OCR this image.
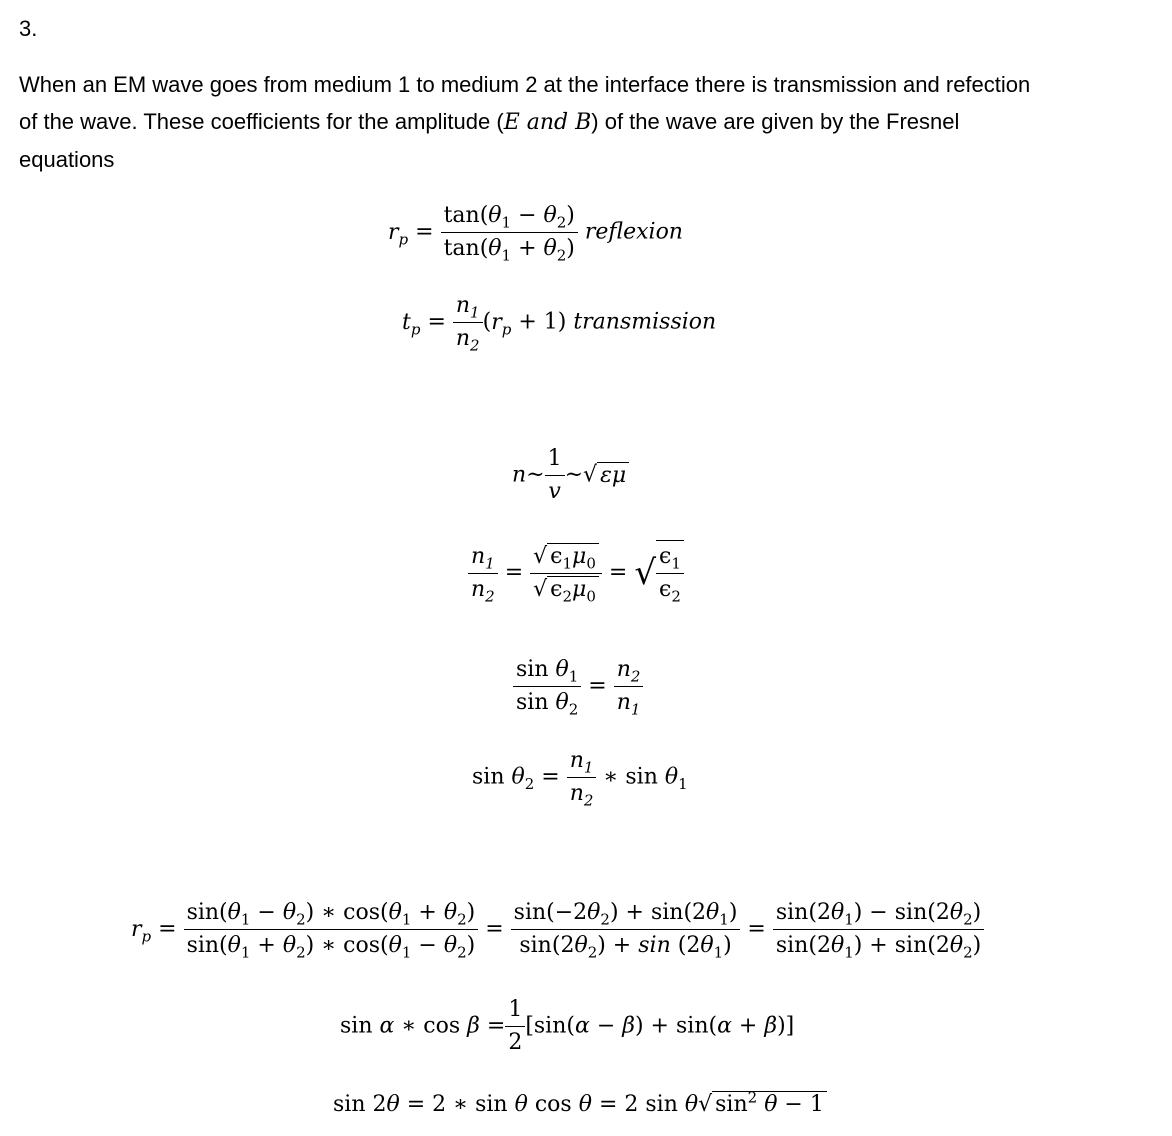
3.
When an EM wave goes from medium 1 to medium 2 at the interface there is transmission and refection
of the wave. These coefficients for the amplitude (E and B) of the wave are given by the Fresnel
equations
$r_p = \frac{\tan(\theta_1 - \theta_2)}{\tan(\theta_1 + \theta_2)}$ reflexion
$t_p = \frac{n_1}{n_2} (r_p + 1)$ transmission
n~ $\frac{1}{v}$ ~√ εμ
$\frac{n_1}{n_2} = \frac{√ \epsilon_1\mu_0}{√ \epsilon_2\mu_0}$ = √ $\frac{\epsilon_1}{\epsilon_2}$
$\frac{\sin \theta_1}{\sin \theta_2} = \frac{n_2}{n_1}$
$\sin \theta_2 = \frac{n_1}{n_2}$ ∗ $\sin \theta_1$
$r_p = \frac{\sin(\theta_1 - \theta_2) ∗ \cos(\theta_1 + \theta_2)}{\sin(\theta_1 + \theta_2) ∗ \cos(\theta_1 - \theta_2)} = \frac{\sin(-2\theta_2) + \sin(2\theta_1)}{\sin(2\theta_2) + \sin (2\theta_1)} = \frac{\sin(2\theta_1) - \sin(2\theta_2)}{\sin(2\theta_1) + \sin(2\theta_2)}$
sin α ∗ $\cos \beta = \frac{1}{2} [\sin(\alpha - \beta) + \sin(\alpha + \beta)]$
sin 2θ = 2 ∗ sin θ cos θ = 2 sin θ√ $\sin^2 \theta - 1$
